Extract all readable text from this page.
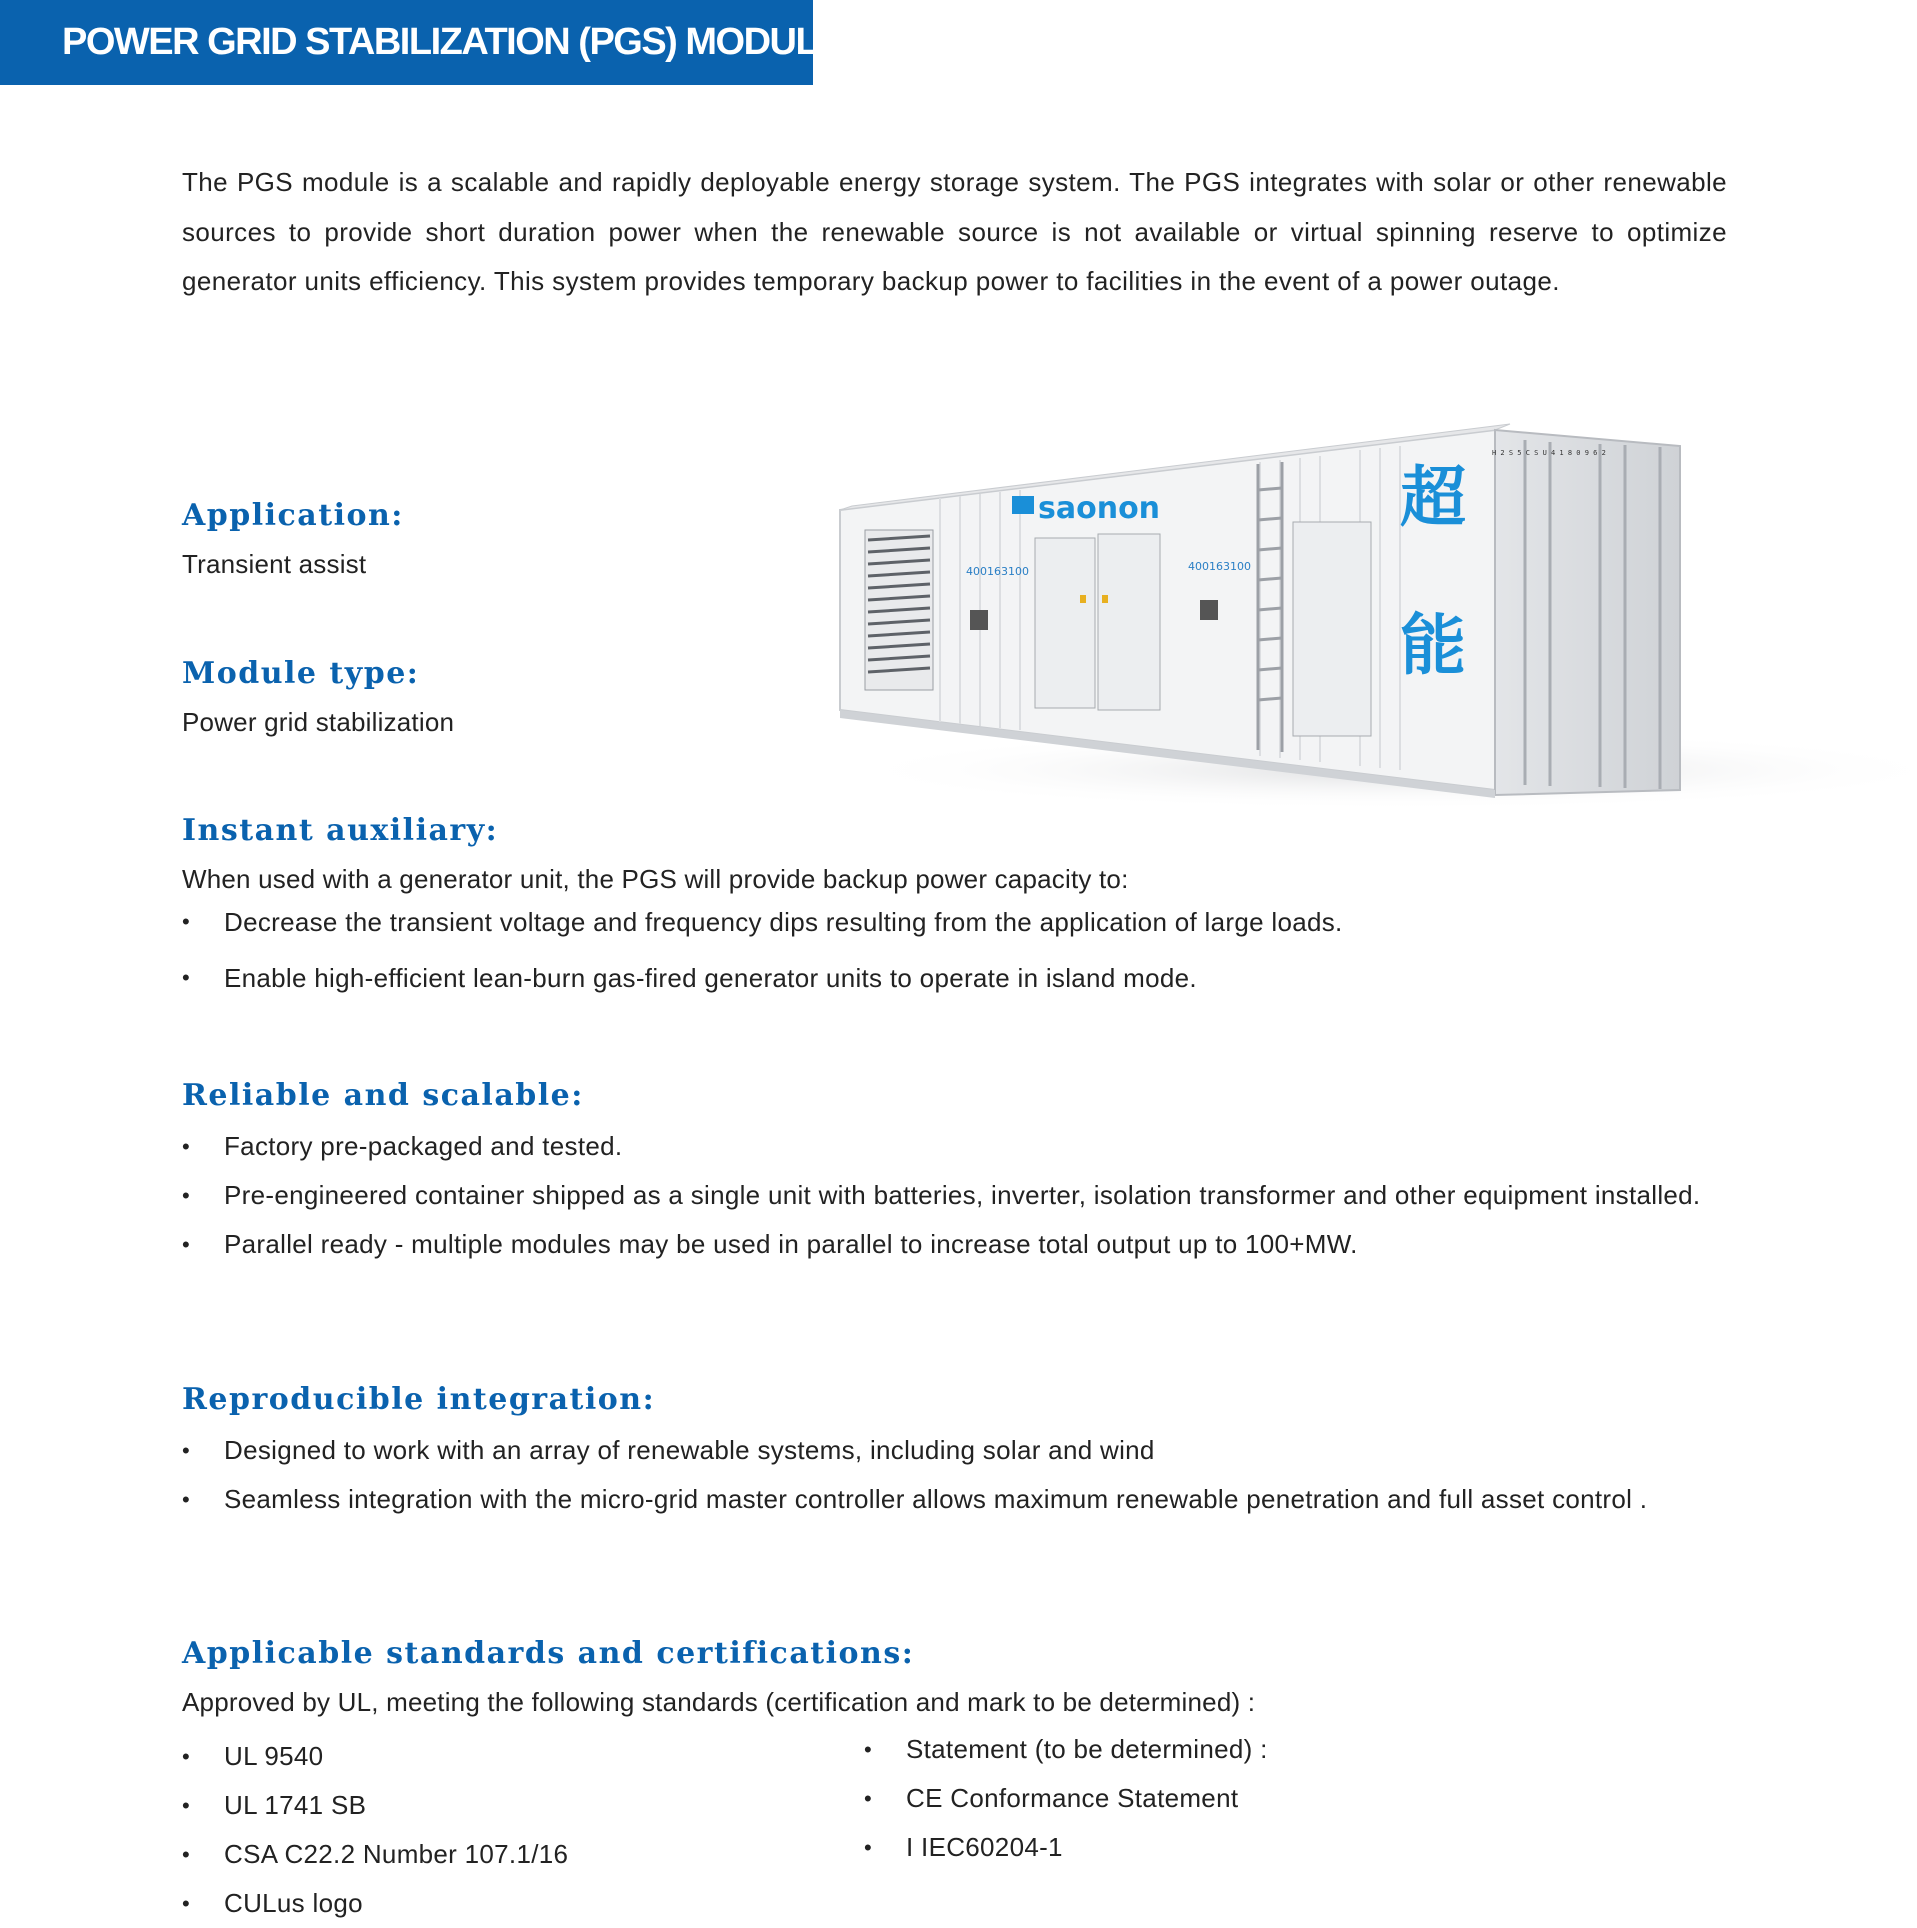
POWER GRID STABILIZATION (PGS) MODULE

The PGS module is a scalable and rapidly deployable energy storage system. The PGS integrates with solar or other renewable sources to provide short duration power when the renewable source is not available or virtual spinning reserve to optimize generator units efficiency. This system provides temporary backup power to facilities in the event of a power outage.

saonon
400163100	400163100
超
能
H 2 S 5 C S U 4 1 8 0 9 6 2
Application:

Transient assist

Module type:

Power grid stabilization

Instant auxiliary:

When used with a generator unit, the PGS will provide backup power capacity to:

• Decrease the transient voltage and frequency dips resulting from the application of large loads.
• Enable high-efficient lean-burn gas-fired generator units to operate in island mode.
Reliable and scalable:
• Factory pre-packaged and tested.
• Pre-engineered container shipped as a single unit with batteries, inverter, isolation transformer and other equipment installed.
• Parallel ready - multiple modules may be used in parallel to increase total output up to 100+MW.
Reproducible integration:
• Designed to work with an array of renewable systems, including solar and wind
• Seamless integration with the micro-grid master controller allows maximum renewable penetration and full asset control .
Applicable standards and certifications:

Approved by UL, meeting the following standards (certification and mark to be determined) :

• UL 9540
• UL 1741 SB
• CSA C22.2 Number 107.1/16
• CULus logo
• Statement (to be determined) :
• CE Conformance Statement
• I IEC60204-1
